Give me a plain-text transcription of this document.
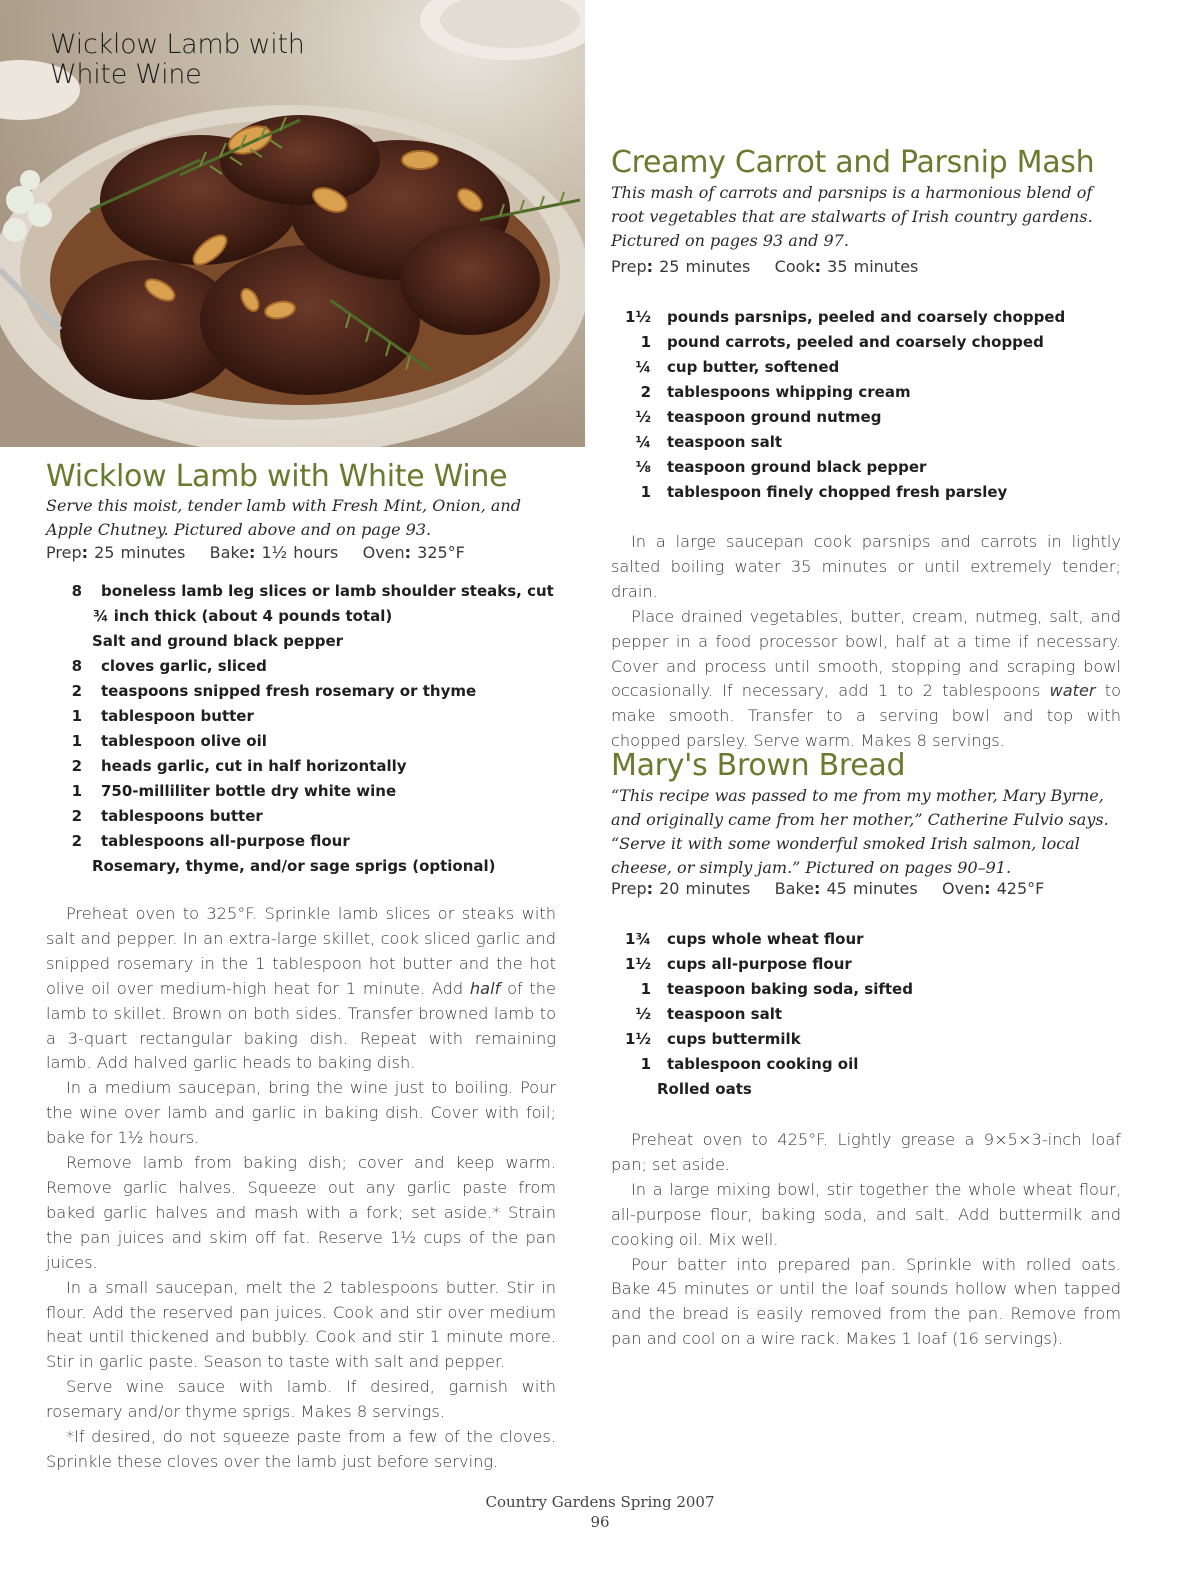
Wicklow Lamb with White Wine
Wicklow Lamb with White Wine
Serve this moist, tender lamb with Fresh Mint, Onion, and Apple Chutney. Pictured above and on page 93.
Prep: 25 minutes Bake: 1½ hours Oven: 325°F
8 boneless lamb leg slices or lamb shoulder steaks, cut
¾ inch thick (about 4 pounds total)
Salt and ground black pepper
8 cloves garlic, sliced
2 teaspoons snipped fresh rosemary or thyme
1 tablespoon butter
1 tablespoon olive oil
2 heads garlic, cut in half horizontally
1 750-milliliter bottle dry white wine
2 tablespoons butter
2 tablespoons all-purpose flour
Rosemary, thyme, and/or sage sprigs (optional)

Preheat oven to 325°F. Sprinkle lamb slices or steaks with salt and pepper. In an extra-large skillet, cook sliced garlic and snipped rosemary in the 1 tablespoon hot butter and the hot olive oil over medium-high heat for 1 minute. Add half of the lamb to skillet. Brown on both sides. Transfer browned lamb to a 3-quart rectangular baking dish. Repeat with remaining lamb. Add halved garlic heads to baking dish.

In a medium saucepan, bring the wine just to boiling. Pour the wine over lamb and garlic in baking dish. Cover with foil; bake for 1½ hours.

Remove lamb from baking dish; cover and keep warm. Remove garlic halves. Squeeze out any garlic paste from baked garlic halves and mash with a fork; set aside.* Strain the pan juices and skim off fat. Reserve 1½ cups of the pan juices.

In a small saucepan, melt the 2 tablespoons butter. Stir in flour. Add the reserved pan juices. Cook and stir over medium heat until thickened and bubbly. Cook and stir 1 minute more. Stir in garlic paste. Season to taste with salt and pepper.

Serve wine sauce with lamb. If desired, garnish with rosemary and/or thyme sprigs. Makes 8 servings.

*If desired, do not squeeze paste from a few of the cloves. Sprinkle these cloves over the lamb just before serving.

Creamy Carrot and Parsnip Mash
This mash of carrots and parsnips is a harmonious blend of root vegetables that are stalwarts of Irish country gardens. Pictured on pages 93 and 97.
Prep: 25 minutes Cook: 35 minutes
1½ pounds parsnips, peeled and coarsely chopped
1 pound carrots, peeled and coarsely chopped
¼ cup butter, softened
2 tablespoons whipping cream
½ teaspoon ground nutmeg
¼ teaspoon salt
⅛ teaspoon ground black pepper
1 tablespoon finely chopped fresh parsley

In a large saucepan cook parsnips and carrots in lightly salted boiling water 35 minutes or until extremely tender; drain.

Place drained vegetables, butter, cream, nutmeg, salt, and pepper in a food processor bowl, half at a time if necessary. Cover and process until smooth, stopping and scraping bowl occasionally. If necessary, add 1 to 2 tablespoons water to make smooth. Transfer to a serving bowl and top with chopped parsley. Serve warm. Makes 8 servings.

Mary's Brown Bread
“This recipe was passed to me from my mother, Mary Byrne, and originally came from her mother,” Catherine Fulvio says. “Serve it with some wonderful smoked Irish salmon, local cheese, or simply jam.” Pictured on pages 90–91.
Prep: 20 minutes Bake: 45 minutes Oven: 425°F
1¾ cups whole wheat flour
1½ cups all-purpose flour
1 teaspoon baking soda, sifted
½ teaspoon salt
1½ cups buttermilk
1 tablespoon cooking oil
Rolled oats

Preheat oven to 425°F. Lightly grease a 9×5×3-inch loaf pan; set aside.

In a large mixing bowl, stir together the whole wheat flour, all-purpose flour, baking soda, and salt. Add buttermilk and cooking oil. Mix well.

Pour batter into prepared pan. Sprinkle with rolled oats. Bake 45 minutes or until the loaf sounds hollow when tapped and the bread is easily removed from the pan. Remove from pan and cool on a wire rack. Makes 1 loaf (16 servings).

Country Gardens Spring 2007
96
